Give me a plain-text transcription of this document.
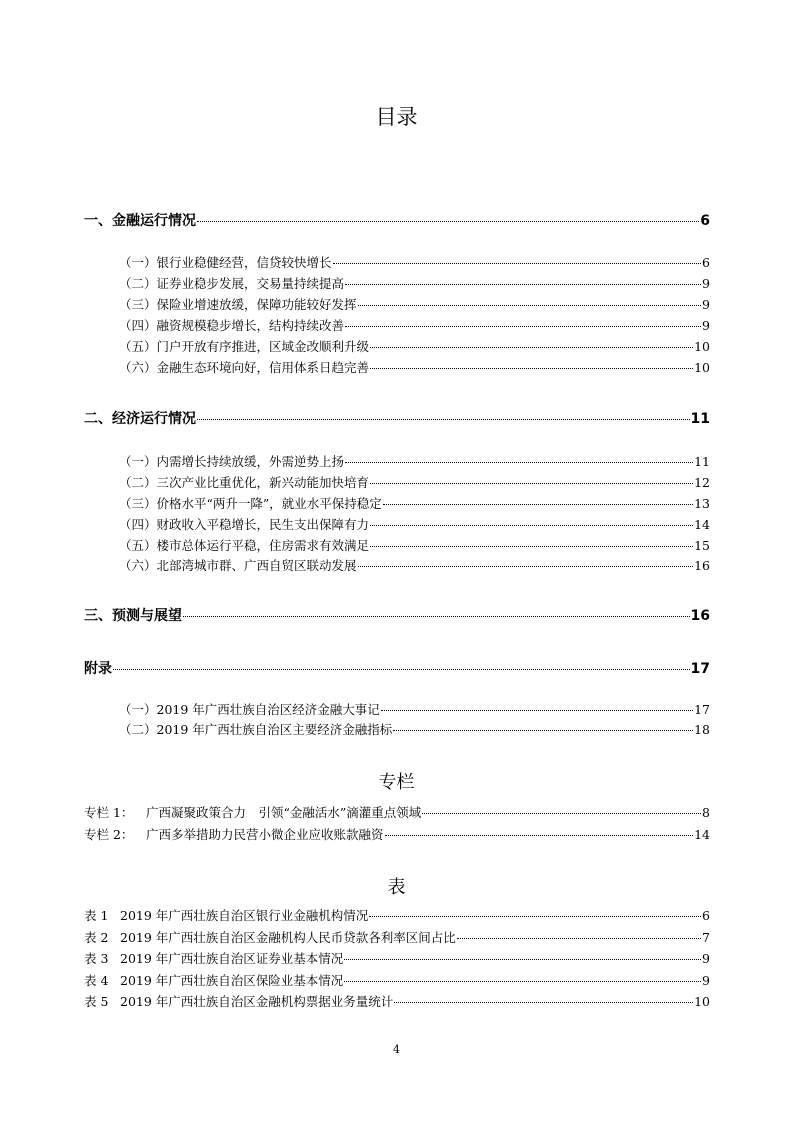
目录
一、金融运行情况	6
（一）银行业稳健经营，信贷较快增长	6
（二）证券业稳步发展，交易量持续提高	9
（三）保险业增速放缓，保障功能较好发挥	9
（四）融资规模稳步增长，结构持续改善	9
（五）门户开放有序推进，区域金改顺利升级	10
（六）金融生态环境向好，信用体系日趋完善	10
二、经济运行情况	11
（一）内需增长持续放缓，外需逆势上扬	11
（二）三次产业比重优化，新兴动能加快培育	12
（三）价格水平“两升一降”，就业水平保持稳定	13
（四）财政收入平稳增长，民生支出保障有力	14
（五）楼市总体运行平稳，住房需求有效满足	15
（六）北部湾城市群、广西自贸区联动发展	16
三、预测与展望	16
附录	17
（一）2019 年广西壮族自治区经济金融大事记	17
（二）2019 年广西壮族自治区主要经济金融指标	18
专栏
专栏 1： 广西凝聚政策合力　引领“金融活水”滴灌重点领域	8
专栏 2： 广西多举措助力民营小微企业应收账款融资	14
表
表 1 2019 年广西壮族自治区银行业金融机构情况	6
表 2 2019 年广西壮族自治区金融机构人民币贷款各利率区间占比	7
表 3 2019 年广西壮族自治区证券业基本情况	9
表 4 2019 年广西壮族自治区保险业基本情况	9
表 5 2019 年广西壮族自治区金融机构票据业务量统计	10
4
